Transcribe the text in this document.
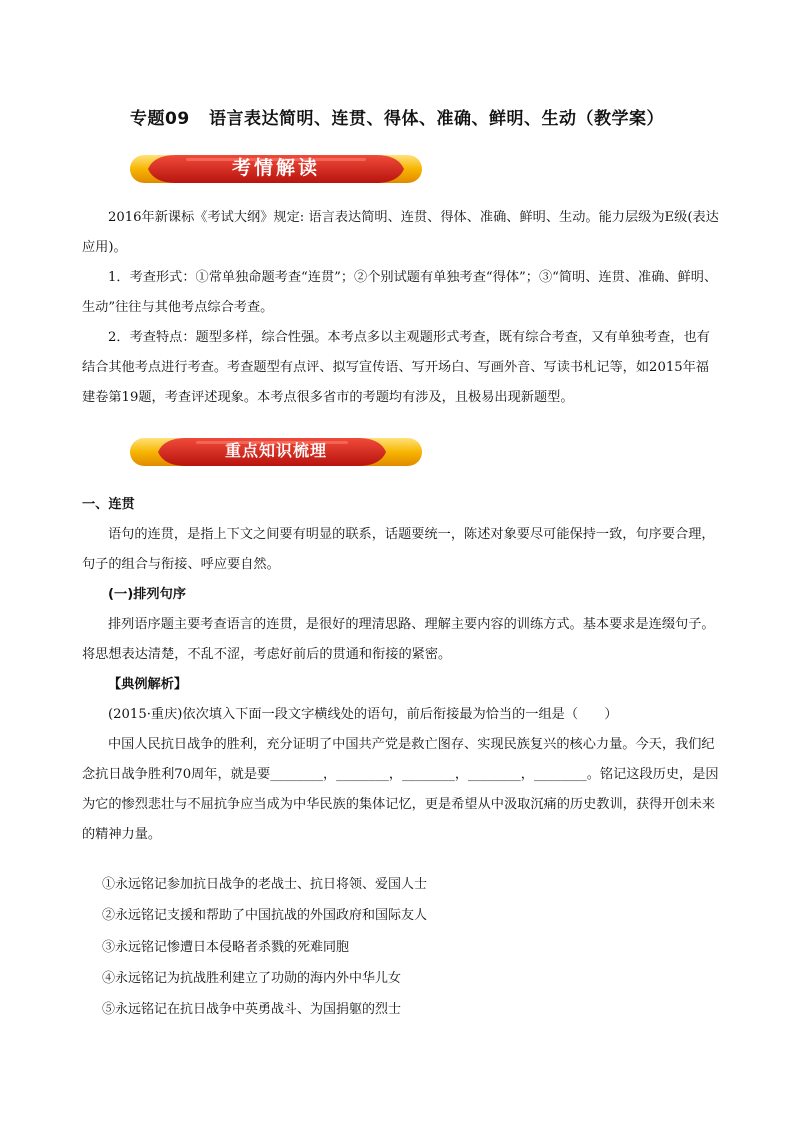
专题09   语言表达简明、连贯、得体、准确、鲜明、生动（教学案）
考情解读

2016年新课标《考试大纲》规定: 语言表达简明、连贯、得体、准确、鲜明、生动。能力层级为E级(表达应用)。

1．考查形式：①常单独命题考查“连贯”；②个别试题有单独考查“得体”；③“简明、连贯、准确、鲜明、生动”往往与其他考点综合考查。

2．考查特点：题型多样，综合性强。本考点多以主观题形式考查，既有综合考查，又有单独考查，也有结合其他考点进行考查。考查题型有点评、拟写宣传语、写开场白、写画外音、写读书札记等，如2015年福建卷第19题，考查评述现象。本考点很多省市的考题均有涉及，且极易出现新题型。

重点知识梳理

一、连贯

语句的连贯，是指上下文之间要有明显的联系，话题要统一，陈述对象要尽可能保持一致，句序要合理，句子的组合与衔接、呼应要自然。

(一)排列句序

排列语序题主要考查语言的连贯，是很好的理清思路、理解主要内容的训练方式。基本要求是连缀句子。将思想表达清楚，不乱不涩，考虑好前后的贯通和衔接的紧密。

【典例解析】

(2015·重庆)依次填入下面一段文字横线处的语句，前后衔接最为恰当的一组是（　　）

中国人民抗日战争的胜利，充分证明了中国共产党是救亡图存、实现民族复兴的核心力量。今天，我们纪念抗日战争胜利70周年，就是要________，________，________，________，________。铭记这段历史，是因为它的惨烈悲壮与不屈抗争应当成为中华民族的集体记忆，更是希望从中汲取沉痛的历史教训，获得开创未来的精神力量。

①永远铭记参加抗日战争的老战士、抗日将领、爱国人士
②永远铭记支援和帮助了中国抗战的外国政府和国际友人
③永远铭记惨遭日本侵略者杀戮的死难同胞
④永远铭记为抗战胜利建立了功勋的海内外中华儿女
⑤永远铭记在抗日战争中英勇战斗、为国捐躯的烈士
